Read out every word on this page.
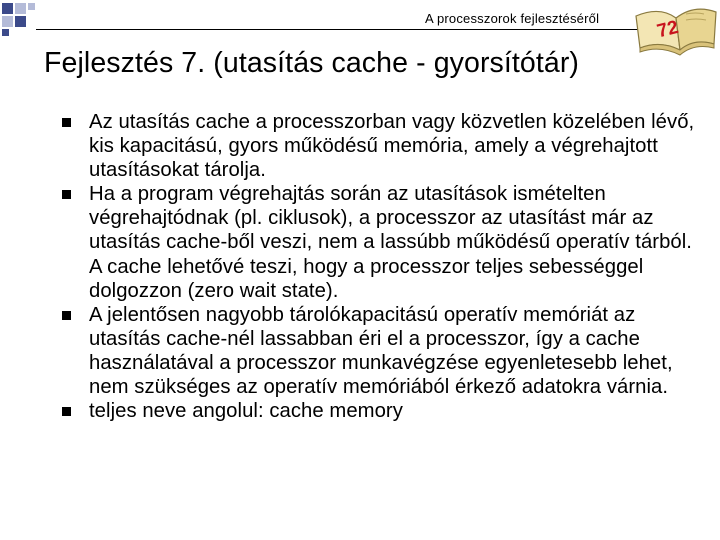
A processzorok fejlesztéséről	72
Fejlesztés 7. (utasítás cache - gyorsítótár)
Az utasítás cache a processzorban vagy közvetlen közelében lévő, kis kapacitású, gyors működésű memória, amely a végrehajtott utasításokat tárolja.
Ha a program végrehajtás során az utasítások ismételten végrehajtódnak (pl. ciklusok), a processzor az utasítást már az utasítás cache-ből veszi, nem a lassúbb működésű operatív tárból. A cache lehetővé teszi, hogy a processzor teljes sebességgel dolgozzon (zero wait state).
A jelentősen nagyobb tárolókapacitású operatív memóriát az utasítás cache-nél lassabban éri el a processzor, így a cache használatával a processzor munkavégzése egyenletesebb lehet, nem szükséges az operatív memóriából érkező adatokra várnia.
teljes neve angolul: cache memory
